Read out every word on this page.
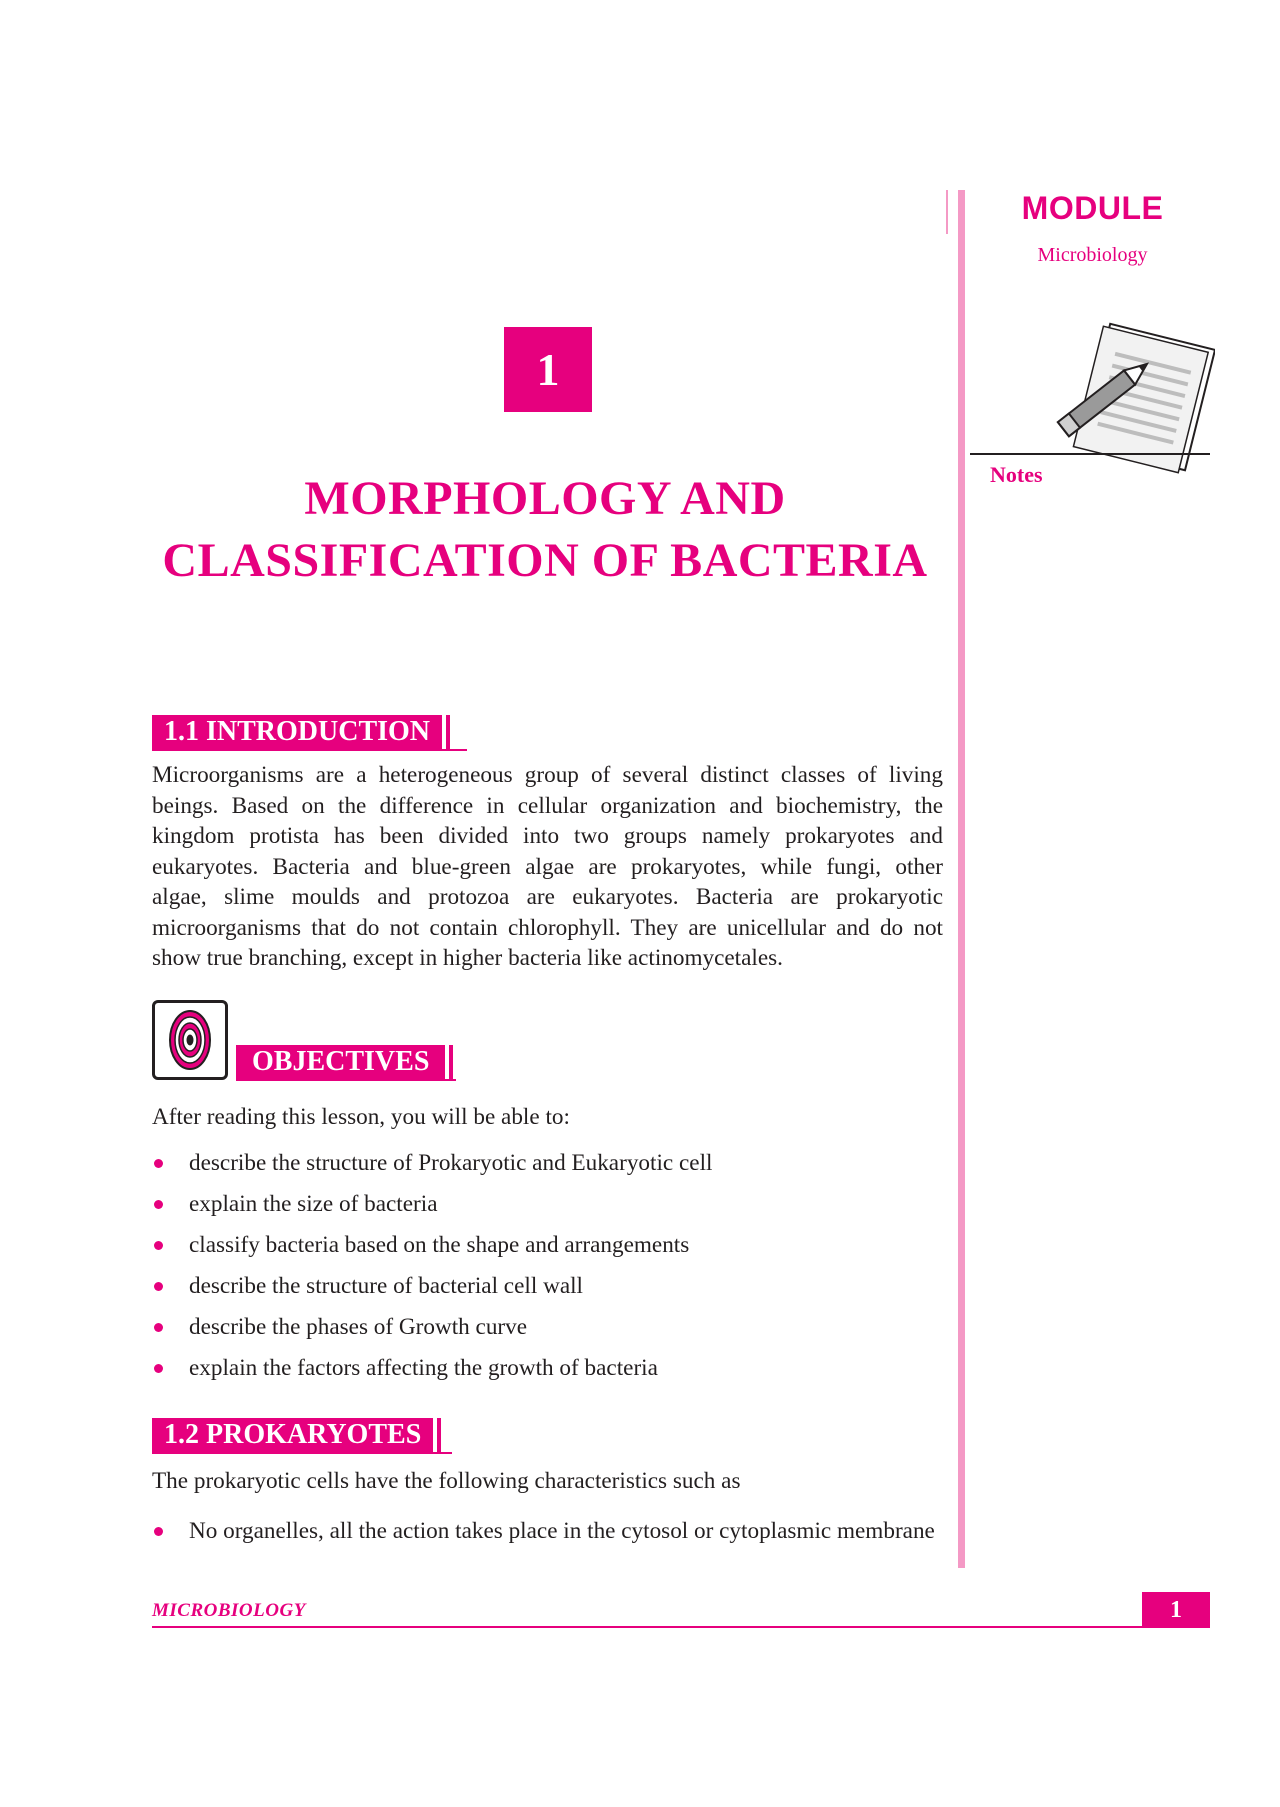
MODULE
Microbiology
Notes
1
MORPHOLOGY AND
CLASSIFICATION OF BACTERIA
1.1 INTRODUCTION
Microorganisms are a heterogeneous group of several distinct classes of living
beings. Based on the difference in cellular organization and biochemistry, the
kingdom protista has been divided into two groups namely prokaryotes and
eukaryotes. Bacteria and blue-green algae are prokaryotes, while fungi, other
algae, slime moulds and protozoa are eukaryotes. Bacteria are prokaryotic
microorganisms that do not contain chlorophyll. They are unicellular and do not
show true branching, except in higher bacteria like actinomycetales.
OBJECTIVES
After reading this lesson, you will be able to:
describe the structure of Prokaryotic and Eukaryotic cell
explain the size of bacteria
classify bacteria based on the shape and arrangements
describe the structure of bacterial cell wall
describe the phases of Growth curve
explain the factors affecting the growth of bacteria
1.2 PROKARYOTES
The prokaryotic cells have the following characteristics such as
No organelles, all the action takes place in the cytosol or cytoplasmic membrane
MICROBIOLOGY	1
